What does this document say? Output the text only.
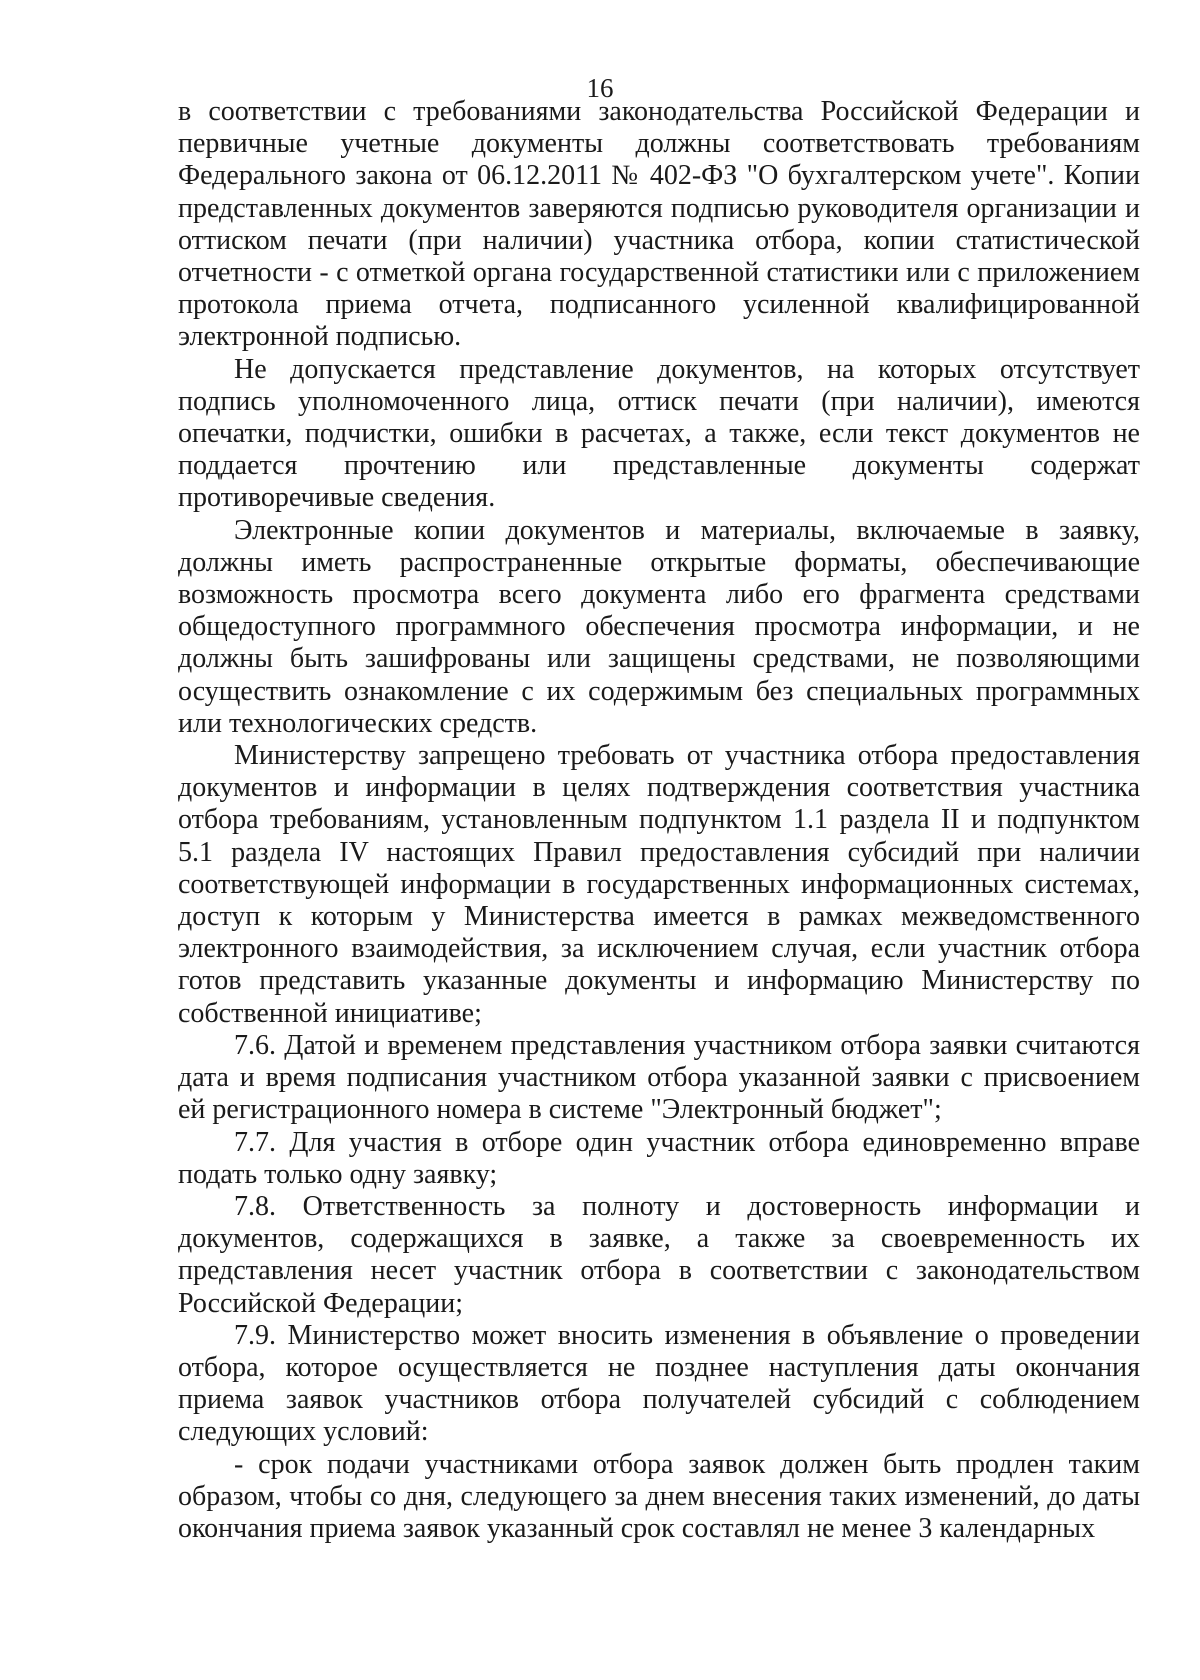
16

в соответствии с требованиями законодательства Российской Федерации и первичные учетные документы должны соответствовать требованиям Федерального закона от 06.12.2011 № 402-ФЗ "О бухгалтерском учете". Копии представленных документов заверяются подписью руководителя организации и оттиском печати (при наличии) участника отбора, копии статистической отчетности - с отметкой органа государственной статистики или с приложением протокола приема отчета, подписанного усиленной квалифицированной электронной подписью.

Не допускается представление документов, на которых отсутствует подпись уполномоченного лица, оттиск печати (при наличии), имеются опечатки, подчистки, ошибки в расчетах, а также, если текст документов не поддается прочтению или представленные документы содержат противоречивые сведения.

Электронные копии документов и материалы, включаемые в заявку, должны иметь распространенные открытые форматы, обеспечивающие возможность просмотра всего документа либо его фрагмента средствами общедоступного программного обеспечения просмотра информации, и не должны быть зашифрованы или защищены средствами, не позволяющими осуществить ознакомление с их содержимым без специальных программных или технологических средств.

Министерству запрещено требовать от участника отбора предоставления документов и информации в целях подтверждения соответствия участника отбора требованиям, установленным подпунктом 1.1 раздела II и подпунктом 5.1 раздела IV настоящих Правил предоставления субсидий при наличии соответствующей информации в государственных информационных системах, доступ к которым у Министерства имеется в рамках межведомственного электронного взаимодействия, за исключением случая, если участник отбора готов представить указанные документы и информацию Министерству по собственной инициативе;

7.6. Датой и временем представления участником отбора заявки считаются дата и время подписания участником отбора указанной заявки с присвоением ей регистрационного номера в системе "Электронный бюджет";

7.7. Для участия в отборе один участник отбора единовременно вправе подать только одну заявку;

7.8. Ответственность за полноту и достоверность информации и документов, содержащихся в заявке, а также за своевременность их представления несет участник отбора в соответствии с законодательством Российской Федерации;

7.9. Министерство может вносить изменения в объявление о проведении отбора, которое осуществляется не позднее наступления даты окончания приема заявок участников отбора получателей субсидий с соблюдением следующих условий:

- срок подачи участниками отбора заявок должен быть продлен таким образом, чтобы со дня, следующего за днем внесения таких изменений, до даты окончания приема заявок указанный срок составлял не менее 3 календарных
